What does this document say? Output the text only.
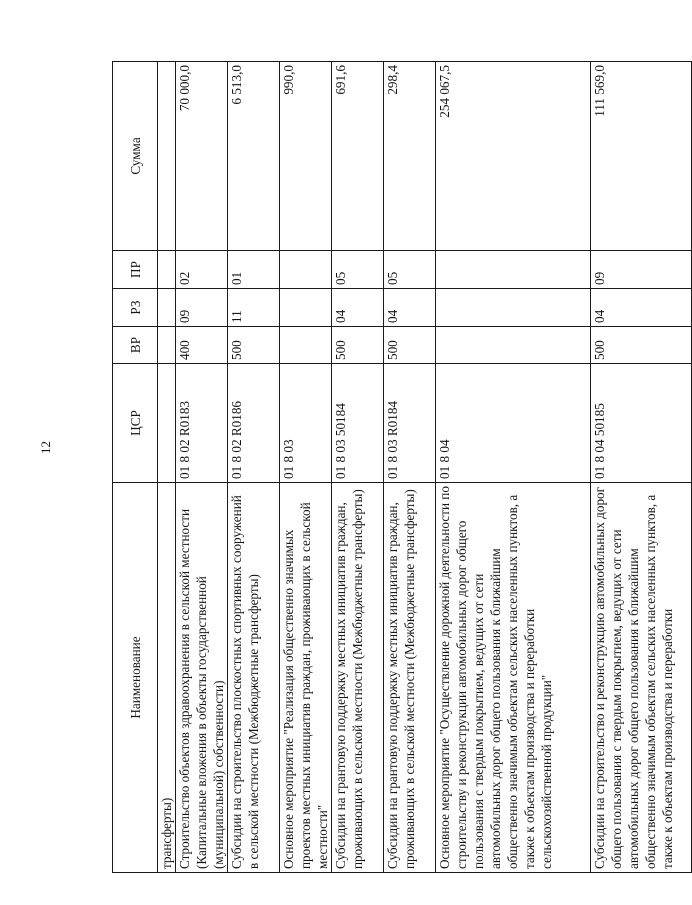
12
Наименование	ЦСР	ВР	РЗ	ПР	Сумма
трансферты)					
Строительство объектов здравоохранения в сельской местности (Капитальные вложения в объекты государственной (муниципальной) собственности)	01 8 02 R0183	400	09	02	70 000,0
Субсидии на строительство плоскостных спортивных сооружений в сельской местности (Межбюджетные трансферты)	01 8 02 R0186	500	11	01	6 513,0
Основное мероприятие "Реализация общественно значимых проектов местных инициатив граждан, проживающих в сельской местности"	01 8 03				990,0
Субсидии на грантовую поддержку местных инициатив граждан, проживающих в сельской местности (Межбюджетные трансферты)	01 8 03 50184	500	04	05	691,6
Субсидии на грантовую поддержку местных инициатив граждан, проживающих в сельской местности (Межбюджетные трансферты)	01 8 03 R0184	500	04	05	298,4
Основное мероприятие "Осуществление дорожной деятельности по строительству и реконструкции автомобильных дорог общего пользования с твердым покрытием, ведущих от сети автомобильных дорог общего пользования к ближайшим общественно значимым объектам сельских населенных пунктов, а также к объектам производства и переработки сельскохозяйственной продукции"	01 8 04				254 067,5
Субсидии на строительство и реконструкцию автомобильных дорог общего пользования с твердым покрытием, ведущих от сети автомобильных дорог общего пользования к ближайшим общественно значимым объектам сельских населенных пунктов, а также к объектам производства и переработки	01 8 04 50185	500	04	09	111 569,0
